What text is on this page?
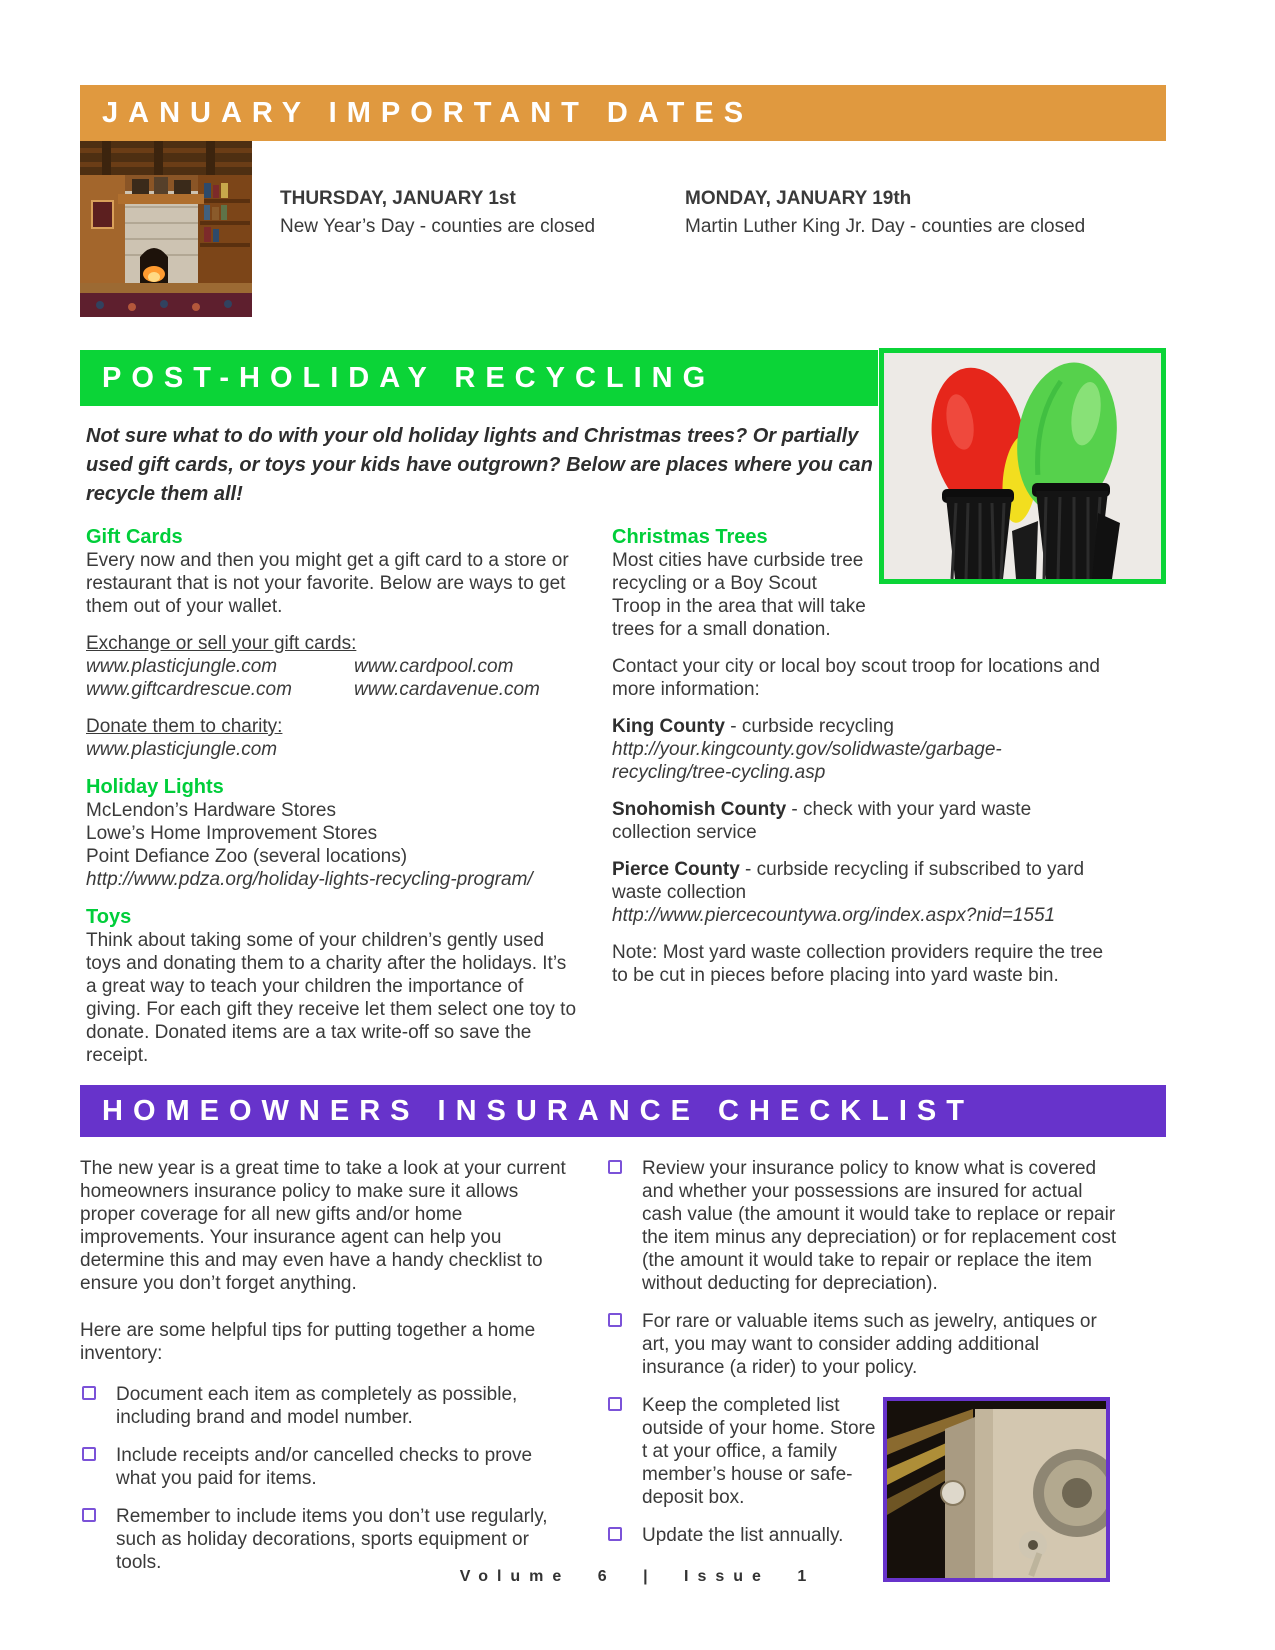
JANUARY IMPORTANT DATES
THURSDAY, JANUARY 1st
New Year’s Day - counties are closed
MONDAY, JANUARY 19th
Martin Luther King Jr. Day - counties are closed
POST-HOLIDAY RECYCLING

Not sure what to do with your old holiday lights and Christmas trees? Or partially used gift cards, or toys your kids have outgrown? Below are places where you can recycle them all!

Gift Cards
Every now and then you might get a gift card to a store or restaurant that is not your favorite. Below are ways to get them out of your wallet.
Exchange or sell your gift cards:
www.plasticjungle.com	www.cardpool.com
www.giftcardrescue.com	www.cardavenue.com
Donate them to charity:
www.plasticjungle.com
Holiday Lights
McLendon’s Hardware Stores
Lowe’s Home Improvement Stores
Point Defiance Zoo (several locations)
http://www.pdza.org/holiday-lights-recycling-program/
Toys
Think about taking some of your children’s gently used toys and donating them to a charity after the holidays. It’s a great way to teach your children the importance of giving. For each gift they receive let them select one toy to donate. Donated items are a tax write-off so save the receipt.
Christmas Trees
Most cities have curbside tree recycling or a Boy Scout Troop in the area that will take trees for a small donation.
Contact your city or local boy scout troop for locations and more information:
King County - curbside recycling
http://your.kingcounty.gov/solidwaste/garbage-recycling/tree-cycling.asp
Snohomish County - check with your yard waste collection service
Pierce County - curbside recycling if subscribed to yard waste collection
http://www.piercecountywa.org/index.aspx?nid=1551
Note: Most yard waste collection providers require the tree to be cut in pieces before placing into yard waste bin.
HOMEOWNERS INSURANCE CHECKLIST
The new year is a great time to take a look at your current homeowners insurance policy to make sure it allows proper coverage for all new gifts and/or home improvements. Your insurance agent can help you determine this and may even have a handy checklist to ensure you don’t forget anything.
Here are some helpful tips for putting together a home inventory:
Document each item as completely as possible, including brand and model number.
Include receipts and/or cancelled checks to prove what you paid for items.
Remember to include items you don’t use regularly, such as holiday decorations, sports equipment or tools.
Review your insurance policy to know what is covered and whether your possessions are insured for actual cash value (the amount it would take to replace or repair the item minus any depreciation) or for replacement cost (the amount it would take to repair or replace the item without deducting for depreciation).
For rare or valuable items such as jewelry, antiques or art, you may want to consider adding additional insurance (a rider) to your policy.
Keep the completed list outside of your home. Store t at your office, a family member’s house or safe-deposit box.
Update the list annually.
Volume 6 | Issue 1
